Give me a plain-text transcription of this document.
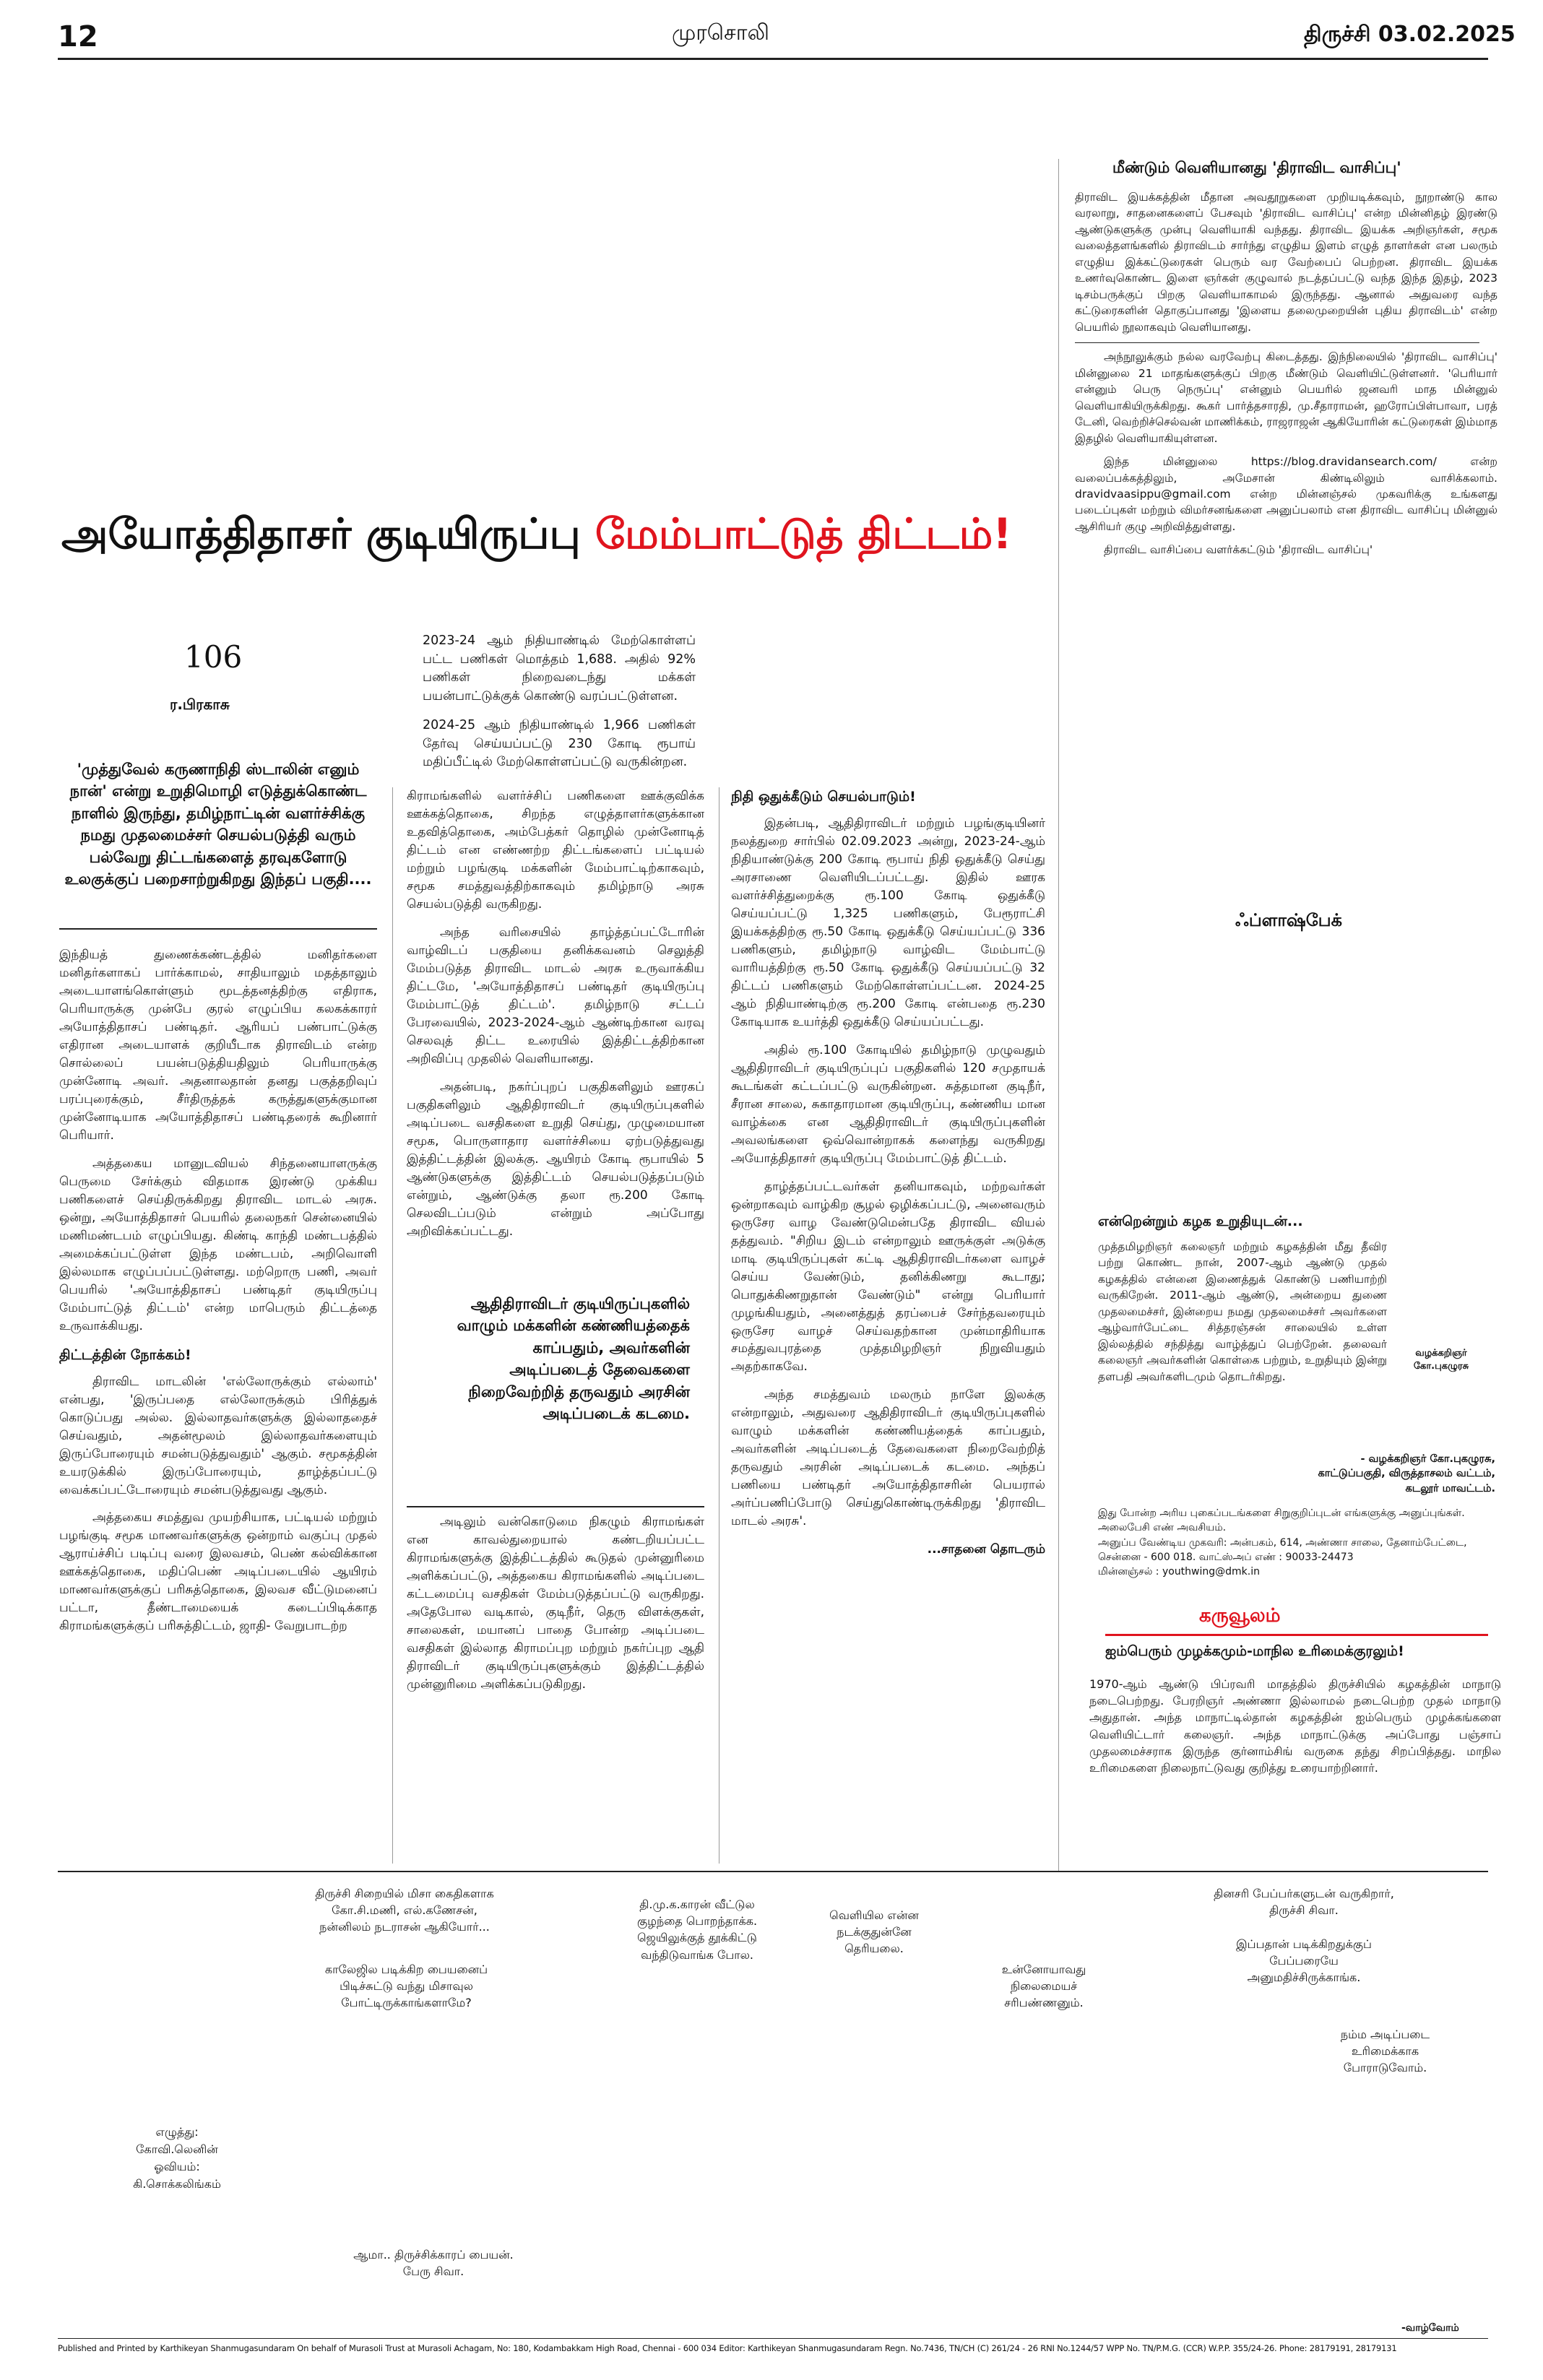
12	முரசொலி	திருச்சி 03.02.2025
அயோத்திதாசர் குடியிருப்பு மேம்பாட்டுத் திட்டம்!
106
ர.பிரகாசு
'முத்துவேல் கருணாநிதி ஸ்டாலின் எனும் நான்' என்று உறுதிமொழி எடுத்துக்கொண்ட நாளில் இருந்து, தமிழ்நாட்டின் வளர்ச்சிக்கு நமது முதலமைச்சர் செயல்படுத்தி வரும் பல்வேறு திட்டங்களைத் தரவுகளோடு உலகுக்குப் பறைசாற்றுகிறது இந்தப் பகுதி....

2023-24 ஆம் நிதியாண்டில் மேற்கொள்ளப் பட்ட பணிகள் மொத்தம் 1,688. அதில் 92% பணிகள் நிறைவடைந்து மக்கள் பயன்பாட்டுக்குக் கொண்டு வரப்பட்டுள்ளன.

2024-25 ஆம் நிதியாண்டில் 1,966 பணிகள் தேர்வு செய்யப்பட்டு 230 கோடி ரூபாய் மதிப்பீட்டில் மேற்கொள்ளப்பட்டு வருகின்றன.

இந்தியத் துணைக்கண்டத்தில் மனிதர்களை மனிதர்களாகப் பார்க்காமல், சாதியாலும் மதத்தாலும் அடையாளங்கொள்ளும் மூடத்தனத்திற்கு எதிராக, பெரியாருக்கு முன்பே குரல் எழுப்பிய கலகக்காரர் அயோத்திதாசப் பண்டிதர். ஆரியப் பண்பாட்டுக்கு எதிரான அடையாளக் குறியீடாக திராவிடம் என்ற சொல்லைப் பயன்படுத்தியதிலும் பெரியாருக்கு முன்னோடி அவர். அதனாலதான் தனது பகுத்தறிவுப் பரப்புரைக்கும், சீர்திருத்தக் கருத்துகளுக்குமான முன்னோடியாக அயோத்திதாசப் பண்டிதரைக் கூறினார் பெரியார்.

அத்தகைய மானுடவியல் சிந்தனையாளருக்கு பெருமை சேர்க்கும் விதமாக இரண்டு முக்கிய பணிகளைச் செய்திருக்கிறது திராவிட மாடல் அரசு. ஒன்று, அயோத்திதாசர் பெயரில் தலைநகர் சென்னையில் மணிமண்டபம் எழுப்பியது. கிண்டி காந்தி மண்டபத்தில் அமைக்கப்பட்டுள்ள இந்த மண்டபம், அறிவொளி இல்லமாக எழுப்பப்பட்டுள்ளது. மற்றொரு பணி, அவர் பெயரில் 'அயோத்திதாசப் பண்டிதர் குடியிருப்பு மேம்பாட்டுத் திட்டம்' என்ற மாபெரும் திட்டத்தை உருவாக்கியது.

திட்டத்தின் நோக்கம்!

திராவிட மாடலின் 'எல்லோருக்கும் எல்லாம்' என்பது, 'இருப்பதை எல்லோருக்கும் பிரித்துக் கொடுப்பது அல்ல. இல்லாதவர்களுக்கு இல்லாததைச் செய்வதும், அதன்மூலம் இல்லாதவர்களையும் இருப்போரையும் சமன்படுத்துவதும்' ஆகும். சமூகத்தின் உயரடுக்கில் இருப்போரையும், தாழ்த்தப்பட்டு வைக்கப்பட்டோரையும் சமன்படுத்துவது ஆகும்.

அத்தகைய சமத்துவ முயற்சியாக, பட்டியல் மற்றும் பழங்குடி சமூக மாணவர்களுக்கு ஒன்றாம் வகுப்பு முதல் ஆராய்ச்சிப் படிப்பு வரை இலவசம், பெண் கல்விக்கான ஊக்கத்தொகை, மதிப்பெண் அடிப்படையில் ஆயிரம் மாணவர்களுக்குப் பரிசுத்தொகை, இலவச வீட்டுமனைப் பட்டா, தீண்டாமையைக் கடைப்பிடிக்காத கிராமங்களுக்குப் பரிசுத்திட்டம், ஜாதி- வேறுபாடற்ற

கிராமங்களில் வளர்ச்சிப் பணிகளை ஊக்குவிக்க ஊக்கத்தொகை, சிறந்த எழுத்தாளர்களுக்கான உதவித்தொகை, அம்பேத்கர் தொழில் முன்னோடித் திட்டம் என எண்ணற்ற திட்டங்களைப் பட்டியல் மற்றும் பழங்குடி மக்களின் மேம்பாட்டிற்காகவும், சமூக சமத்துவத்திற்காகவும் தமிழ்நாடு அரசு செயல்படுத்தி வருகிறது.

அந்த வரிசையில் தாழ்த்தப்பட்டோரின் வாழ்விடப் பகுதியை தனிக்கவனம் செலுத்தி மேம்படுத்த திராவிட மாடல் அரசு உருவாக்கிய திட்டமே, 'அயோத்திதாசப் பண்டிதர் குடியிருப்பு மேம்பாட்டுத் திட்டம்'. தமிழ்நாடு சட்டப் பேரவையில், 2023-2024-ஆம் ஆண்டிற்கான வரவு செலவுத் திட்ட உரையில் இத்திட்டத்திற்கான அறிவிப்பு முதலில் வெளியானது.

அதன்படி, நகர்ப்புறப் பகுதிகளிலும் ஊரகப் பகுதிகளிலும் ஆதிதிராவிடர் குடியிருப்புகளில் அடிப்படை வசதிகளை உறுதி செய்து, முழுமையான சமூக, பொருளாதார வளர்ச்சியை ஏற்படுத்துவது இத்திட்டத்தின் இலக்கு. ஆயிரம் கோடி ரூபாயில் 5 ஆண்டுகளுக்கு இத்திட்டம் செயல்படுத்தப்படும் என்றும், ஆண்டுக்கு தலா ரூ.200 கோடி செலவிடப்படும் என்றும் அப்போது அறிவிக்கப்பட்டது.

ஆதிதிராவிடர் குடியிருப்புகளில் வாழும் மக்களின் கண்ணியத்தைக் காப்பதும், அவர்களின் அடிப்படைத் தேவைகளை நிறைவேற்றித் தருவதும் அரசின் அடிப்படைக் கடமை.

அடிலும் வன்கொடுமை நிகழும் கிராமங்கள் என காவல்துறையால் கண்டறியப்பட்ட கிராமங்களுக்கு இத்திட்டத்தில் கூடுதல் முன்னுரிமை அளிக்கப்பட்டு, அத்தகைய கிராமங்களில் அடிப்படை கட்டமைப்பு வசதிகள் மேம்படுத்தப்பட்டு வருகிறது. அதேபோல வடிகால், குடிநீர், தெரு விளக்குகள், சாலைகள், மயானப் பாதை போன்ற அடிப்படை வசதிகள் இல்லாத கிராமப்புற மற்றும் நகர்ப்புற ஆதி திராவிடர் குடியிருப்புகளுக்கும் இத்திட்டத்தில் முன்னுரிமை அளிக்கப்படுகிறது.

நிதி ஒதுக்கீடும் செயல்பாடும்!

இதன்படி, ஆதிதிராவிடர் மற்றும் பழங்குடியினர் நலத்துறை சார்பில் 02.09.2023 அன்று, 2023-24-ஆம் நிதியாண்டுக்கு 200 கோடி ரூபாய் நிதி ஒதுக்கீடு செய்து அரசாணை வெளியிடப்பட்டது. இதில் ஊரக வளர்ச்சித்துறைக்கு ரூ.100 கோடி ஒதுக்கீடு செய்யப்பட்டு 1,325 பணிகளும், பேரூராட்சி இயக்கத்திற்கு ரூ.50 கோடி ஒதுக்கீடு செய்யப்பட்டு 336 பணிகளும், தமிழ்நாடு வாழ்விட மேம்பாட்டு வாரியத்திற்கு ரூ.50 கோடி ஒதுக்கீடு செய்யப்பட்டு 32 திட்டப் பணிகளும் மேற்கொள்ளப்பட்டன. 2024-25 ஆம் நிதியாண்டிற்கு ரூ.200 கோடி என்பதை ரூ.230 கோடியாக உயர்த்தி ஒதுக்கீடு செய்யப்பட்டது.

அதில் ரூ.100 கோடியில் தமிழ்நாடு முழுவதும் ஆதிதிராவிடர் குடியிருப்புப் பகுதிகளில் 120 சமுதாயக் கூடங்கள் கட்டப்பட்டு வருகின்றன. சுத்தமான குடிநீர், சீரான சாலை, சுகாதாரமான குடியிருப்பு, கண்ணிய மான வாழ்க்கை என ஆதிதிராவிடர் குடியிருப்புகளின் அவலங்களை ஒவ்வொன்றாகக் களைந்து வருகிறது அயோத்திதாசர் குடியிருப்பு மேம்பாட்டுத் திட்டம்.

தாழ்த்தப்பட்டவர்கள் தனியாகவும், மற்றவர்கள் ஒன்றாகவும் வாழ்கிற சூழல் ஒழிக்கப்பட்டு, அனைவரும் ஒருசேர வாழ வேண்டுமென்பதே திராவிட வியல் தத்துவம். "சிறிய இடம் என்றாலும் ஊருக்குள் அடுக்கு மாடி குடியிருப்புகள் கட்டி ஆதிதிராவிடர்களை வாழச் செய்ய வேண்டும், தனிக்கிணறு கூடாது; பொதுக்கிணறுதான் வேண்டும்" என்று பெரியார் முழங்கியதும், அனைத்துத் தரப்பைச் சேர்ந்தவரையும் ஒருசேர வாழச் செய்வதற்கான முன்மாதிரியாக சமத்துவபுரத்தை முத்தமிழறிஞர் நிறுவியதும் அதற்காகவே.

அந்த சமத்துவம் மலரும் நாளே இலக்கு என்றாலும், அதுவரை ஆதிதிராவிடர் குடியிருப்புகளில் வாழும் மக்களின் கண்ணியத்தைக் காப்பதும், அவர்களின் அடிப்படைத் தேவைகளை நிறைவேற்றித் தருவதும் அரசின் அடிப்படைக் கடமை. அந்தப் பணியை பண்டிதர் அயோத்திதாசரின் பெயரால் அர்ப்பணிப்போடு செய்துகொண்டிருக்கிறது 'திராவிட மாடல் அரசு'.

...சாதனை தொடரும்
மீண்டும் வெளியானது 'திராவிட வாசிப்பு'

திராவிட இயக்கத்தின் மீதான அவதூறுகளை முறியடிக்கவும், நூறாண்டு கால வரலாறு, சாதனைகளைப் பேசவும் 'திராவிட வாசிப்பு' என்ற மின்னிதழ் இரண்டு ஆண்டுகளுக்கு முன்பு வெளியாகி வந்தது. திராவிட இயக்க அறிஞர்கள், சமூக வலைத்தளங்களில் திராவிடம் சார்ந்து எழுதிய இளம் எழுத் தாளர்கள் என பலரும் எழுதிய இக்கட்டுரைகள் பெரும் வர வேற்பைப் பெற்றன. திராவிட இயக்க உணர்வுகொண்ட இளை ஞர்கள் குழுவால் நடத்தப்பட்டு வந்த இந்த இதழ், 2023 டிசம்பருக்குப் பிறகு வெளியாகாமல் இருந்தது. ஆனால் அதுவரை வந்த கட்டுரைகளின் தொகுப்பானது 'இளைய தலைமுறையின் புதிய திராவிடம்' என்ற பெயரில் நூலாகவும் வெளியானது.

அந்நூலுக்கும் நல்ல வரவேற்பு கிடைத்தது. இந்நிலையில் 'திராவிட வாசிப்பு' மின்னுலை 21 மாதங்களுக்குப் பிறகு மீண்டும் வெளியிட்டுள்ளனர். 'பெரியார் என்னும் பெரு நெருப்பு' என்னும் பெயரில் ஜனவரி மாத மின்னுல் வெளியாகியிருக்கிறது. கூகர் பார்த்தசாரதி, மு.சீதாராமன், ஹரோப்பிள்பாவா, பரத் டேனி, வெற்றிச்செல்வன் மாணிக்கம், ராஜராஜன் ஆகியோரின் கட்டுரைகள் இம்மாத இதழில் வெளியாகியுள்ளன.

இந்த மின்னுலை https://blog.dravidansearch.com/ என்ற வலைப்பக்கத்திலும், அமேசான் கிண்டிலிலும் வாசிக்கலாம். dravidvaasippu@gmail.com என்ற மின்னஞ்சல் முகவரிக்கு உங்களது படைப்புகள் மற்றும் விமர்சனங்களை அனுப்பலாம் என திராவிட வாசிப்பு மின்னுல் ஆசிரியர் குழு அறிவித்துள்ளது.

திராவிட வாசிப்பை வளர்க்கட்டும் 'திராவிட வாசிப்பு'

ஃப்ளாஷ்பேக்
என்றென்றும் கழக உறுதியுடன்...
வழக்கறிஞர்
கோ.புகழுரசு
முத்தமிழறிஞர் கலைஞர் மற்றும் கழகத்தின் மீது தீவிர பற்று கொண்ட நான், 2007-ஆம் ஆண்டு முதல் கழகத்தில் என்னை இணைத்துக் கொண்டு பணியாற்றி வருகிறேன். 2011-ஆம் ஆண்டு, அன்றைய துணை முதலமைச்சர், இன்றைய நமது முதலமைச்சர் அவர்களை ஆழ்வார்பேட்டை சித்தரஞ்சன் சாலையில் உள்ள இல்லத்தில் சந்தித்து வாழ்த்துப் பெற்றேன். தலைவர் கலைஞர் அவர்களின் கொள்கை பற்றும், உறுதியும் இன்று தளபதி அவர்களிடமும் தொடர்கிறது.
- வழக்கறிஞர் கோ.புகழுரசு,
காட்டுப்பகுதி, விருத்தாசலம் வட்டம்,
கடலூர் மாவட்டம்.
இது போன்ற அரிய புகைப்படங்களை சிறுகுறிப்புடன் எங்களுக்கு அனுப்புங்கள். அலைபேசி எண் அவசியம்.
அனுப்ப வேண்டிய முகவரி: அன்பகம், 614, அண்ணா சாலை, தேனாம்பேட்டை, சென்னை - 600 018. வாட்ஸ்அப் எண் : 90033-24473
மின்னஞ்சல் : youthwing@dmk.in
கருவூலம்
ஐம்பெரும் முழக்கமும்-மாநில உரிமைக்குரலும்!
1970-ஆம் ஆண்டு பிப்ரவரி மாதத்தில் திருச்சியில் கழகத்தின் மாநாடு நடைபெற்றது. பேரறிஞர் அண்ணா இல்லாமல் நடைபெற்ற முதல் மாநாடு அதுதான். அந்த மாநாட்டில்தான் கழகத்தின் ஐம்பெரும் முழக்கங்களை வெளியிட்டார் கலைஞர். அந்த மாநாட்டுக்கு அப்போது பஞ்சாப் முதலமைச்சராக இருந்த குர்னாம்சிங் வருகை தந்து சிறப்பித்தது. மாநில உரிமைகளை நிலைநாட்டுவது குறித்து உரையாற்றினார்.
திருச்சி சிறையில் மிசா கைதிகளாக கோ.சி.மணி, எல்.கணேசன், நன்னிலம் நடராசன் ஆகியோர்...
காலேஜில படிக்கிற பையனைப் பிடிச்சுட்டு வந்து மிசாவுல போட்டிருக்காங்களாமே?
தி.மு.க.காரன் வீட்டுல குழந்தை பொறந்தாக்க. ஜெயிலுக்குத் தூக்கிட்டு வந்திடுவாங்க போல.
வெளியில என்ன நடக்குதுன்னே தெரியலை.
உன்னோயாவது நிலைமையச் சரிபண்ணனும்.
தினசரி பேப்பர்களுடன் வருகிறார், திருச்சி சிவா.
இப்பதான் படிக்கிறதுக்குப் பேப்பரையே அனுமதிச்சிருக்காங்க.
நம்ம அடிப்படை உரிமைக்காக போராடுவோம்.
ஆமா.. திருச்சிக்காரப் பையன். பேரு சிவா.
எழுத்து:
கோவி.லெனின்
ஓவியம்:
கி.சொக்கலிங்கம்
-வாழ்வோம்
Published and Printed by Karthikeyan Shanmugasundaram On behalf of Murasoli Trust at Murasoli Achagam, No: 180, Kodambakkam High Road, Chennai - 600 034 Editor: Karthikeyan Shanmugasundaram Regn. No.7436, TN/CH (C) 261/24 - 26 RNI No.1244/57 WPP No. TN/P.M.G. (CCR) W.P.P. 355/24-26. Phone: 28179191, 28179131
